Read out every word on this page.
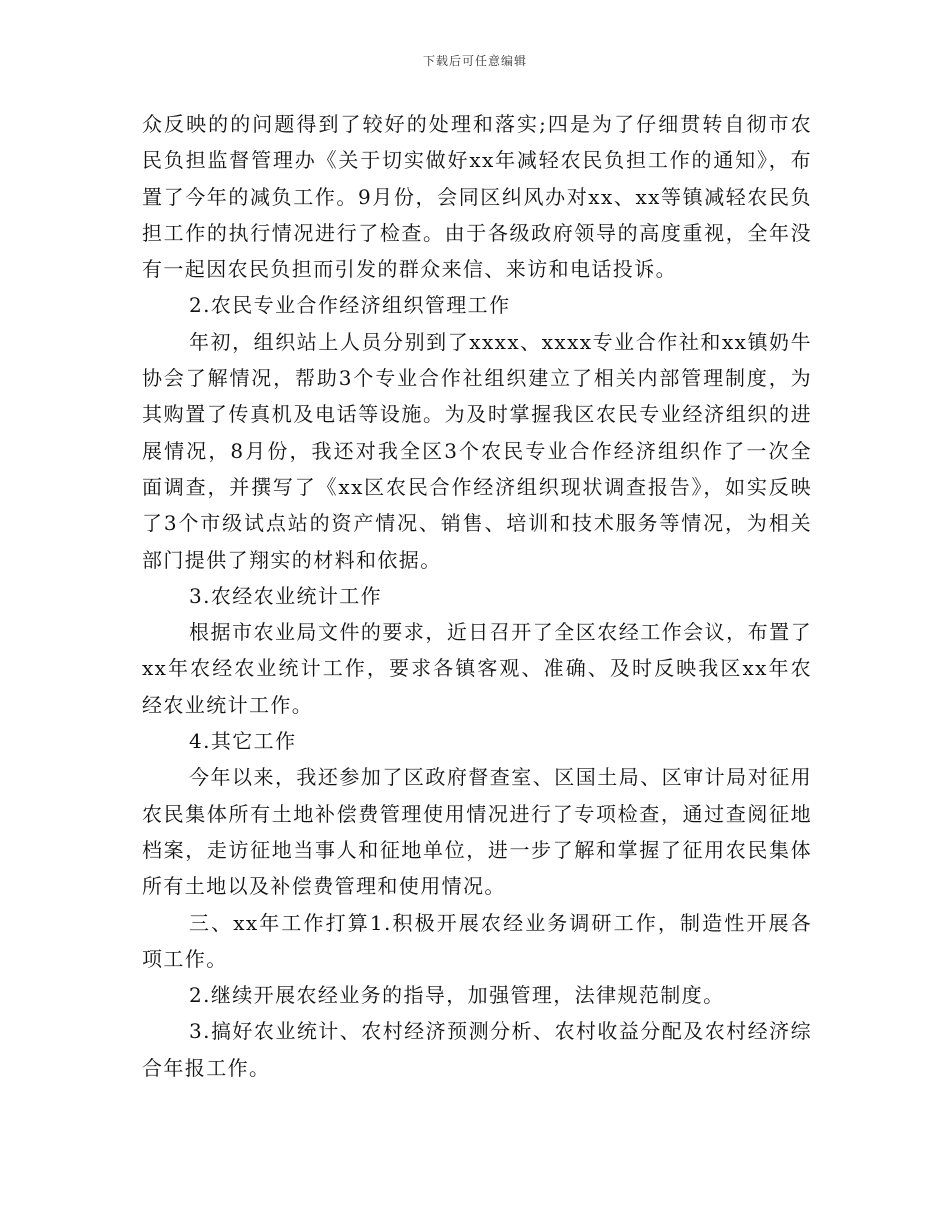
下载后可任意编辑

众反映的的问题得到了较好的处理和落实;四是为了仔细贯转自彻市农民负担监督管理办《关于切实做好xx年减轻农民负担工作的通知》，布置了今年的减负工作。9月份，会同区纠风办对xx、xx等镇减轻农民负担工作的执行情况进行了检查。由于各级政府领导的高度重视，全年没有一起因农民负担而引发的群众来信、来访和电话投诉。

2.农民专业合作经济组织管理工作

年初，组织站上人员分别到了xxxx、xxxx专业合作社和xx镇奶牛协会了解情况，帮助3个专业合作社组织建立了相关内部管理制度，为其购置了传真机及电话等设施。为及时掌握我区农民专业经济组织的进展情况，8月份，我还对我全区3个农民专业合作经济组织作了一次全面调查，并撰写了《xx区农民合作经济组织现状调查报告》，如实反映了3个市级试点站的资产情况、销售、培训和技术服务等情况，为相关部门提供了翔实的材料和依据。

3.农经农业统计工作

根据市农业局文件的要求，近日召开了全区农经工作会议，布置了xx年农经农业统计工作，要求各镇客观、准确、及时反映我区xx年农经农业统计工作。

4.其它工作

今年以来，我还参加了区政府督查室、区国土局、区审计局对征用农民集体所有土地补偿费管理使用情况进行了专项检查，通过查阅征地档案，走访征地当事人和征地单位，进一步了解和掌握了征用农民集体所有土地以及补偿费管理和使用情况。

三、xx年工作打算1.积极开展农经业务调研工作，制造性开展各项工作。

2.继续开展农经业务的指导，加强管理，法律规范制度。

3.搞好农业统计、农村经济预测分析、农村收益分配及农村经济综合年报工作。
